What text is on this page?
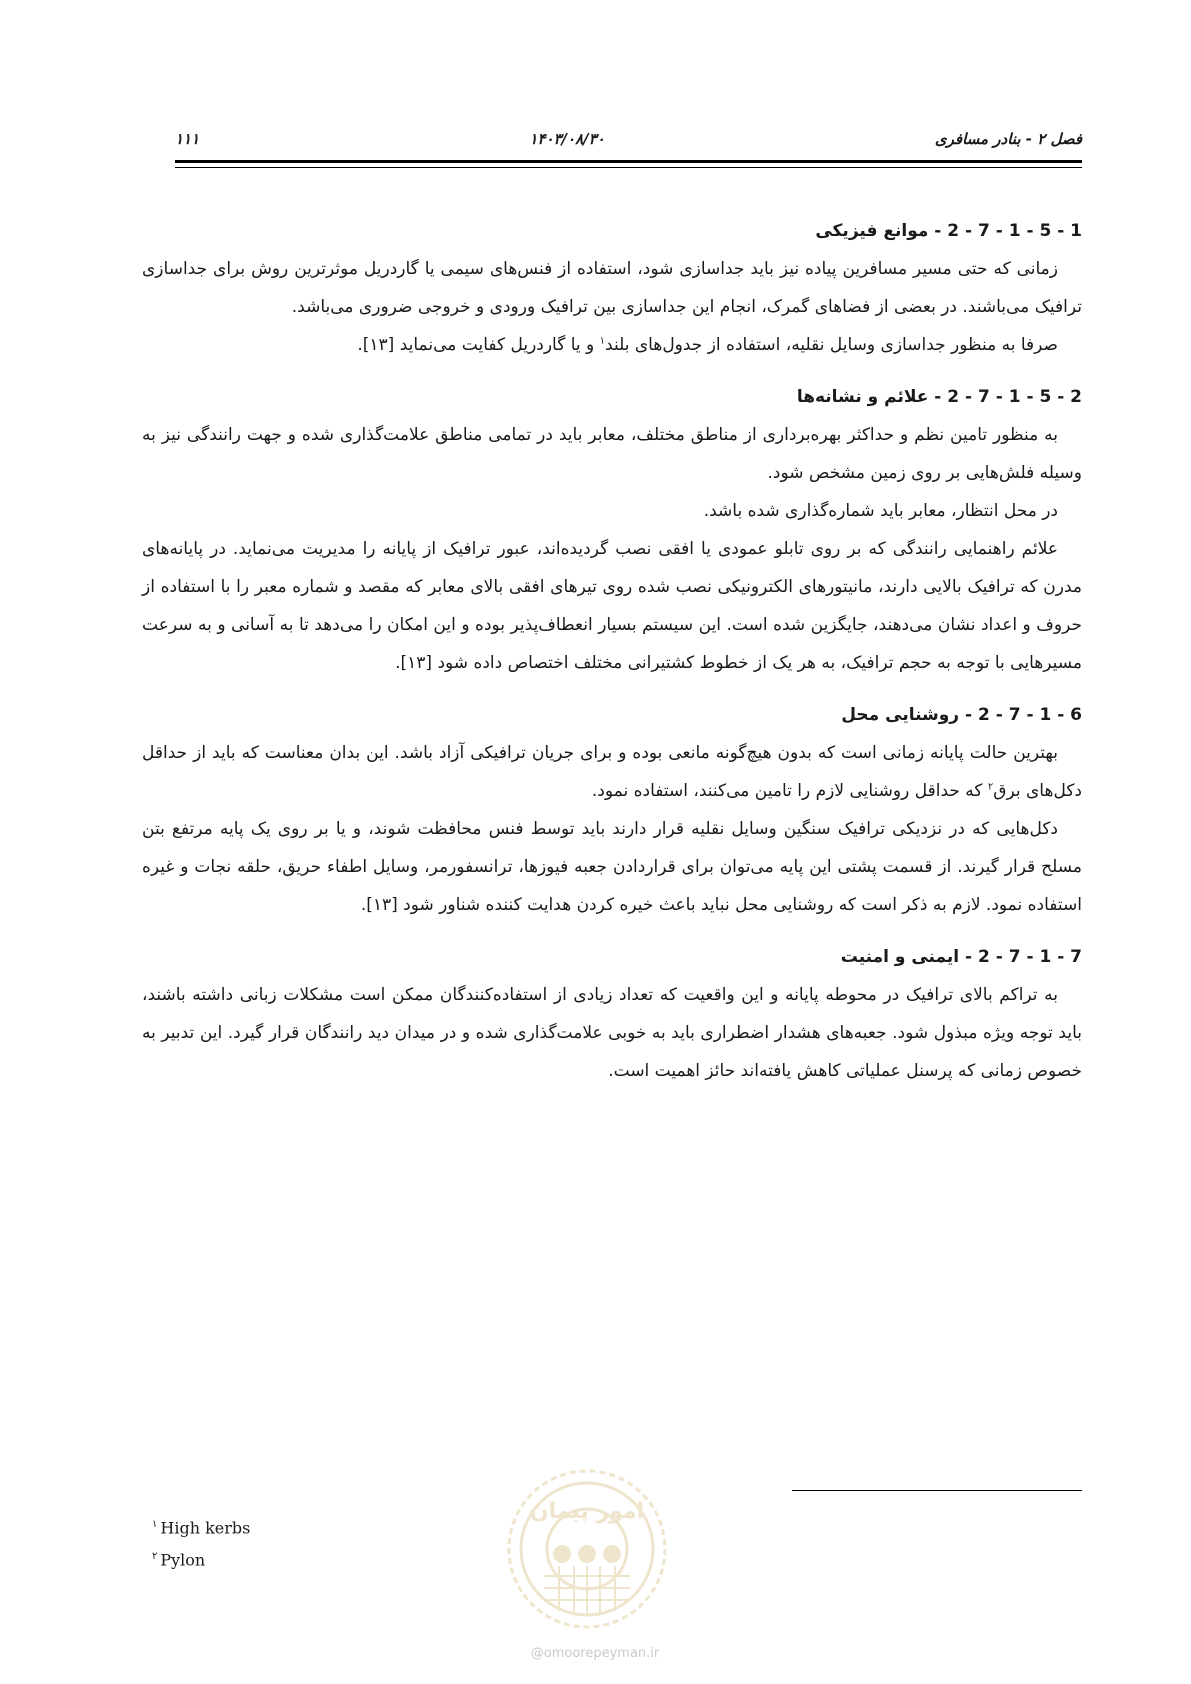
۱۱۱	۱۴۰۳/۰۸/۳۰	فصل ۲ - بنادر مسافری
2 - 7 - 1 - 5 - 1 - موانع فیزیکی

زمانی که حتی مسیر مسافرین پیاده نیز باید جداسازی شود، استفاده از فنس‌های سیمی یا گاردریل موثرترین روش برای جداسازی ترافیک می‌باشند. در بعضی از فضاهای گمرک، انجام این جداسازی بین ترافیک ورودی و خروجی ضروری می‌باشد.

صرفا به منظور جداسازی وسایل نقلیه، استفاده از جدول‌های بلند$^۱$ و یا گاردریل کفایت می‌نماید [۱۳].

2 - 7 - 1 - 5 - 2 - علائم و نشانه‌ها

به منظور تامین نظم و حداکثر بهره‌برداری از مناطق مختلف، معابر باید در تمامی مناطق علامت‌گذاری شده و جهت رانندگی نیز به وسیله فلش‌هایی بر روی زمین مشخص شود.

در محل انتظار، معابر باید شماره‌گذاری شده باشد.

علائم راهنمایی رانندگی که بر روی تابلو عمودی یا افقی نصب گردیده‌اند، عبور ترافیک از پایانه را مدیریت می‌نماید. در پایانه‌های مدرن که ترافیک بالایی دارند، مانیتورهای الکترونیکی نصب شده روی تیرهای افقی بالای معابر که مقصد و شماره معبر را با استفاده از حروف و اعداد نشان می‌دهند، جایگزین شده است. این سیستم بسیار انعطاف‌پذیر بوده و این امکان را می‌دهد تا به آسانی و به سرعت مسیرهایی با توجه به حجم ترافیک، به هر یک از خطوط کشتیرانی مختلف اختصاص داده شود [۱۳].

2 - 7 - 1 - 6 - روشنایی محل

بهترین حالت پایانه زمانی است که بدون هیچ‌گونه مانعی بوده و برای جریان ترافیکی آزاد باشد. این بدان معناست که باید از حداقل دکل‌های برق$^۲$ که حداقل روشنایی لازم را تامین می‌کنند، استفاده نمود.

دکل‌هایی که در نزدیکی ترافیک سنگین وسایل نقلیه قرار دارند باید توسط فنس محافظت شوند، و یا بر روی یک پایه مرتفع بتن مسلح قرار گیرند. از قسمت پشتی این پایه می‌توان برای قراردادن جعبه فیوزها، ترانسفورمر، وسایل اطفاء حریق، حلقه نجات و غیره استفاده نمود. لازم به ذکر است که روشنایی محل نباید باعث خیره کردن هدایت کننده شناور شود [۱۳].

2 - 7 - 1 - 7 - ایمنی و امنیت

به تراکم بالای ترافیک در محوطه پایانه و این واقعیت که تعداد زیادی از استفاده‌کنندگان ممکن است مشکلات زبانی داشته باشند، باید توجه ویژه مبذول شود. جعبه‌های هشدار اضطراری باید به خوبی علامت‌گذاری شده و در میدان دید رانندگان قرار گیرد. این تدبیر به خصوص زمانی که پرسنل عملیاتی کاهش یافته‌اند حائز اهمیت است.

$^۱$ High kerbs
$^۲$ Pylon
امور پیمان
@omoorepeyman.ir
